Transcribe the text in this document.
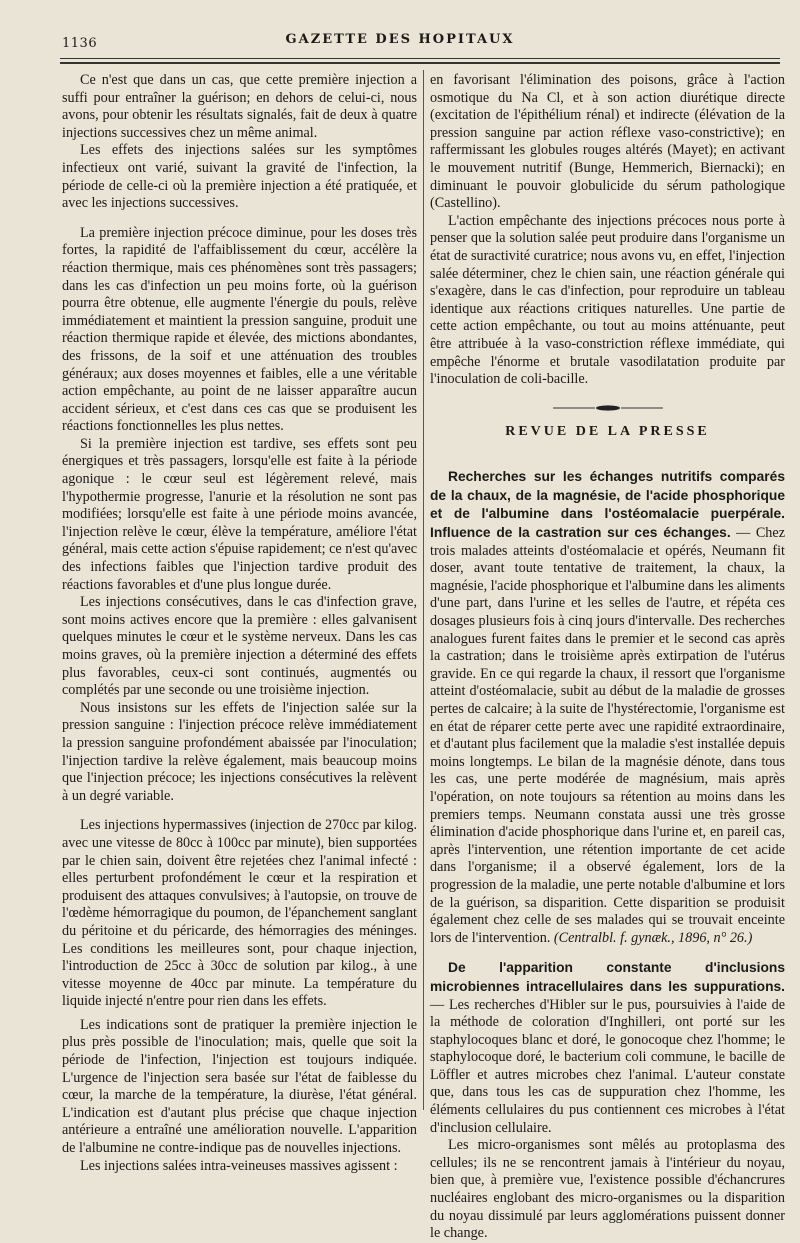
1136	GAZETTE DES HOPITAUX

Ce n'est que dans un cas, que cette première injection a suffi pour entraîner la guérison; en dehors de celui-ci, nous avons, pour obtenir les résultats signalés, fait de deux à quatre injections successives chez un même animal.

Les effets des injections salées sur les symptômes infectieux ont varié, suivant la gravité de l'infection, la période de celle-ci où la première injection a été pratiquée, et avec les injections successives.

La première injection précoce diminue, pour les doses très fortes, la rapidité de l'affaiblissement du cœur, accélère la réaction thermique, mais ces phénomènes sont très passagers; dans les cas d'infection un peu moins forte, où la guérison pourra être obtenue, elle augmente l'énergie du pouls, relève immédiatement et maintient la pression sanguine, produit une réaction thermique rapide et élevée, des mictions abondantes, des frissons, de la soif et une atténuation des troubles généraux; aux doses moyennes et faibles, elle a une véritable action empêchante, au point de ne laisser apparaître aucun accident sérieux, et c'est dans ces cas que se produisent les réactions fonctionnelles les plus nettes.

Si la première injection est tardive, ses effets sont peu énergiques et très passagers, lorsqu'elle est faite à la période agonique : le cœur seul est légèrement relevé, mais l'hypothermie progresse, l'anurie et la résolution ne sont pas modifiées; lorsqu'elle est faite à une période moins avancée, l'injection relève le cœur, élève la température, améliore l'état général, mais cette action s'épuise rapidement; ce n'est qu'avec des infections faibles que l'injection tardive produit des réactions favorables et d'une plus longue durée.

Les injections consécutives, dans le cas d'infection grave, sont moins actives encore que la première : elles galvanisent quelques minutes le cœur et le système nerveux. Dans les cas moins graves, où la première injection a déterminé des effets plus favorables, ceux-ci sont continués, augmentés ou complétés par une seconde ou une troisième injection.

Nous insistons sur les effets de l'injection salée sur la pression sanguine : l'injection précoce relève immédiatement la pression sanguine profondément abaissée par l'inoculation; l'injection tardive la relève également, mais beaucoup moins que l'injection précoce; les injections consécutives la relèvent à un degré variable.

Les injections hypermassives (injection de 270cc par kilog. avec une vitesse de 80cc à 100cc par minute), bien supportées par le chien sain, doivent être rejetées chez l'animal infecté : elles perturbent profondément le cœur et la respiration et produisent des attaques convulsives; à l'autopsie, on trouve de l'œdème hémorragique du poumon, de l'épanchement sanglant du péritoine et du péricarde, des hémorragies des méninges. Les conditions les meilleures sont, pour chaque injection, l'introduction de 25cc à 30cc de solution par kilog., à une vitesse moyenne de 40cc par minute. La température du liquide injecté n'entre pour rien dans les effets.

Les indications sont de pratiquer la première injection le plus près possible de l'inoculation; mais, quelle que soit la période de l'infection, l'injection est toujours indiquée. L'urgence de l'injection sera basée sur l'état de faiblesse du cœur, la marche de la température, la diurèse, l'état général. L'indication est d'autant plus précise que chaque injection antérieure a entraîné une amélioration nouvelle. L'apparition de l'albumine ne contre-indique pas de nouvelles injections.

Les injections salées intra-veineuses massives agissent :

en favorisant l'élimination des poisons, grâce à l'action osmotique du Na Cl, et à son action diurétique directe (excitation de l'épithélium rénal) et indirecte (élévation de la pression sanguine par action réflexe vaso-constrictive); en raffermissant les globules rouges altérés (Mayet); en activant le mouvement nutritif (Bunge, Hemmerich, Biernacki); en diminuant le pouvoir globulicide du sérum pathologique (Castellino).

L'action empêchante des injections précoces nous porte à penser que la solution salée peut produire dans l'organisme un état de suractivité curatrice; nous avons vu, en effet, l'injection salée déterminer, chez le chien sain, une réaction générale qui s'exagère, dans le cas d'infection, pour reproduire un tableau identique aux réactions critiques naturelles. Une partie de cette action empêchante, ou tout au moins atténuante, peut être attribuée à la vaso-constriction réflexe immédiate, qui empêche l'énorme et brutale vasodilatation produite par l'inoculation de coli-bacille.

REVUE DE LA PRESSE

Recherches sur les échanges nutritifs comparés de la chaux, de la magnésie, de l'acide phosphorique et de l'albumine dans l'ostéomalacie puerpérale. Influence de la castration sur ces échanges. — Chez trois malades atteints d'ostéomalacie et opérés, Neumann fit doser, avant toute tentative de traitement, la chaux, la magnésie, l'acide phosphorique et l'albumine dans les aliments d'une part, dans l'urine et les selles de l'autre, et répéta ces dosages plusieurs fois à cinq jours d'intervalle. Des recherches analogues furent faites dans le premier et le second cas après la castration; dans le troisième après extirpation de l'utérus gravide. En ce qui regarde la chaux, il ressort que l'organisme atteint d'ostéomalacie, subit au début de la maladie de grosses pertes de calcaire; à la suite de l'hystérectomie, l'organisme est en état de réparer cette perte avec une rapidité extraordinaire, et d'autant plus facilement que la maladie s'est installée depuis moins longtemps. Le bilan de la magnésie dénote, dans tous les cas, une perte modérée de magnésium, mais après l'opération, on note toujours sa rétention au moins dans les premiers temps. Neumann constata aussi une très grosse élimination d'acide phosphorique dans l'urine et, en pareil cas, après l'intervention, une rétention importante de cet acide dans l'organisme; il a observé également, lors de la progression de la maladie, une perte notable d'albumine et lors de la guérison, sa disparition. Cette disparition se produisit également chez celle de ses malades qui se trouvait enceinte lors de l'intervention. (Centralbl. f. gynæk., 1896, n° 26.)

De l'apparition constante d'inclusions microbiennes intracellulaires dans les suppurations. — Les recherches d'Hibler sur le pus, poursuivies à l'aide de la méthode de coloration d'Inghilleri, ont porté sur les staphylocoques blanc et doré, le gonocoque chez l'homme; le staphylocoque doré, le bacterium coli commune, le bacille de Löffler et autres microbes chez l'animal. L'auteur constate que, dans tous les cas de suppuration chez l'homme, les éléments cellulaires du pus contiennent ces microbes à l'état d'inclusion cellulaire.

Les micro-organismes sont mêlés au protoplasma des cellules; ils ne se rencontrent jamais à l'intérieur du noyau, bien que, à première vue, l'existence possible d'échancrures nucléaires englobant des micro-organismes ou la disparition du noyau dissimulé par leurs agglomérations puissent donner le change.
